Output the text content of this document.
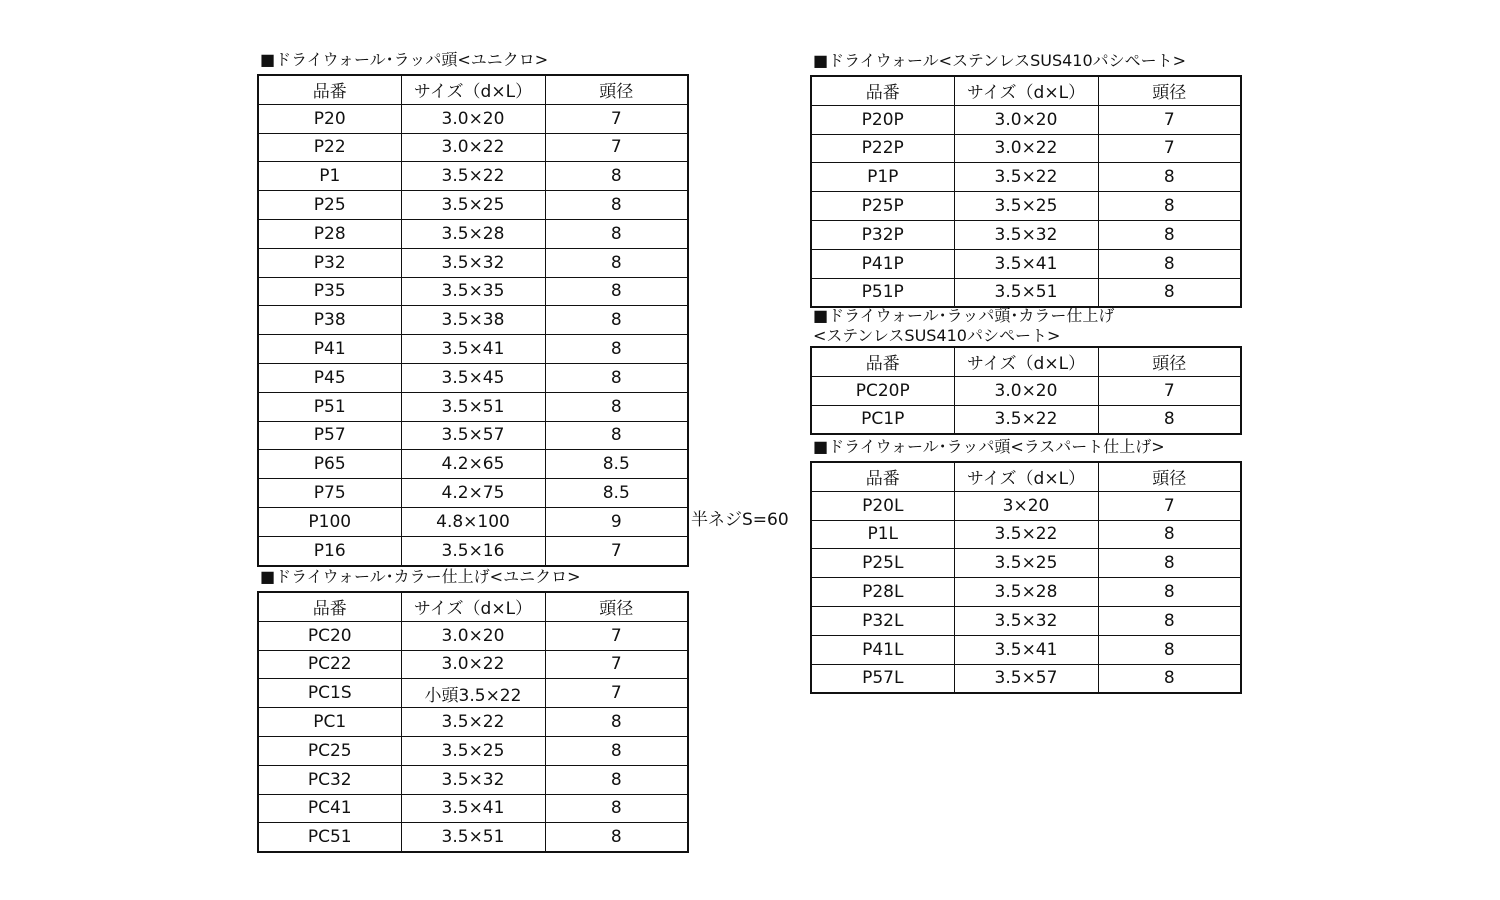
■ドライウォール･ラッパ頭<ユニクロ>
品番	サイズ（d×L）	頭径
P20	3.0×20	7
P22	3.0×22	7
P1	3.5×22	8
P25	3.5×25	8
P28	3.5×28	8
P32	3.5×32	8
P35	3.5×35	8
P38	3.5×38	8
P41	3.5×41	8
P45	3.5×45	8
P51	3.5×51	8
P57	3.5×57	8
P65	4.2×65	8.5
P75	4.2×75	8.5
P100	4.8×100	9
P16	3.5×16	7
半ネジS=60
■ドライウォール･カラー仕上げ<ユニクロ>
品番	サイズ（d×L）	頭径
PC20	3.0×20	7
PC22	3.0×22	7
PC1S	小頭3.5×22	7
PC1	3.5×22	8
PC25	3.5×25	8
PC32	3.5×32	8
PC41	3.5×41	8
PC51	3.5×51	8
■ドライウォール<ステンレスSUS410パシペート>
品番	サイズ（d×L）	頭径
P20P	3.0×20	7
P22P	3.0×22	7
P1P	3.5×22	8
P25P	3.5×25	8
P32P	3.5×32	8
P41P	3.5×41	8
P51P	3.5×51	8
■ドライウォール･ラッパ頭･カラー仕上げ
<ステンレスSUS410パシペート>
品番	サイズ（d×L）	頭径
PC20P	3.0×20	7
PC1P	3.5×22	8
■ドライウォール･ラッパ頭<ラスパート仕上げ>
品番	サイズ（d×L）	頭径
P20L	3×20	7
P1L	3.5×22	8
P25L	3.5×25	8
P28L	3.5×28	8
P32L	3.5×32	8
P41L	3.5×41	8
P57L	3.5×57	8
